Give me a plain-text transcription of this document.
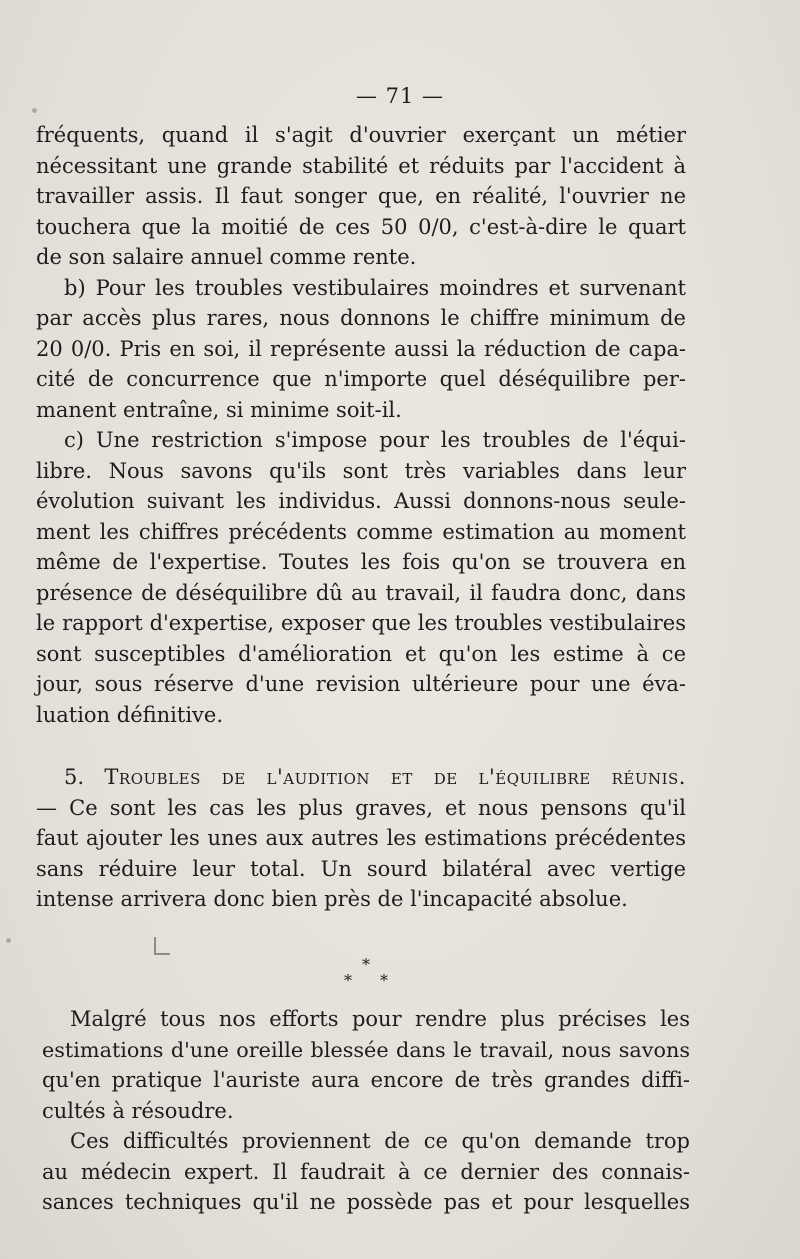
— 71 —
fréquents, quand il s'agit d'ouvrier exerçant un métier
nécessitant une grande stabilité et réduits par l'accident à
travailler assis. Il faut songer que, en réalité, l'ouvrier ne
touchera que la moitié de ces 50 0/0, c'est-à-dire le quart
de son salaire annuel comme rente.
b) Pour les troubles vestibulaires moindres et survenant
par accès plus rares, nous donnons le chiffre minimum de
20 0/0. Pris en soi, il représente aussi la réduction de capa-
cité de concurrence que n'importe quel déséquilibre per-
manent entraîne, si minime soit-il.
c) Une restriction s'impose pour les troubles de l'équi-
libre. Nous savons qu'ils sont très variables dans leur
évolution suivant les individus. Aussi donnons-nous seule-
ment les chiffres précédents comme estimation au moment
même de l'expertise. Toutes les fois qu'on se trouvera en
présence de déséquilibre dû au travail, il faudra donc, dans
le rapport d'expertise, exposer que les troubles vestibulaires
sont susceptibles d'amélioration et qu'on les estime à ce
jour, sous réserve d'une revision ultérieure pour une éva-
luation définitive.
5. Troubles de l'audition et de l'équilibre réunis.
— Ce sont les cas les plus graves, et nous pensons qu'il
faut ajouter les unes aux autres les estimations précédentes
sans réduire leur total. Un sourd bilatéral avec vertige
intense arrivera donc bien près de l'incapacité absolue.
*
* *
Malgré tous nos efforts pour rendre plus précises les
estimations d'une oreille blessée dans le travail, nous savons
qu'en pratique l'auriste aura encore de très grandes diffi-
cultés à résoudre.
Ces difficultés proviennent de ce qu'on demande trop
au médecin expert. Il faudrait à ce dernier des connais-
sances techniques qu'il ne possède pas et pour lesquelles
